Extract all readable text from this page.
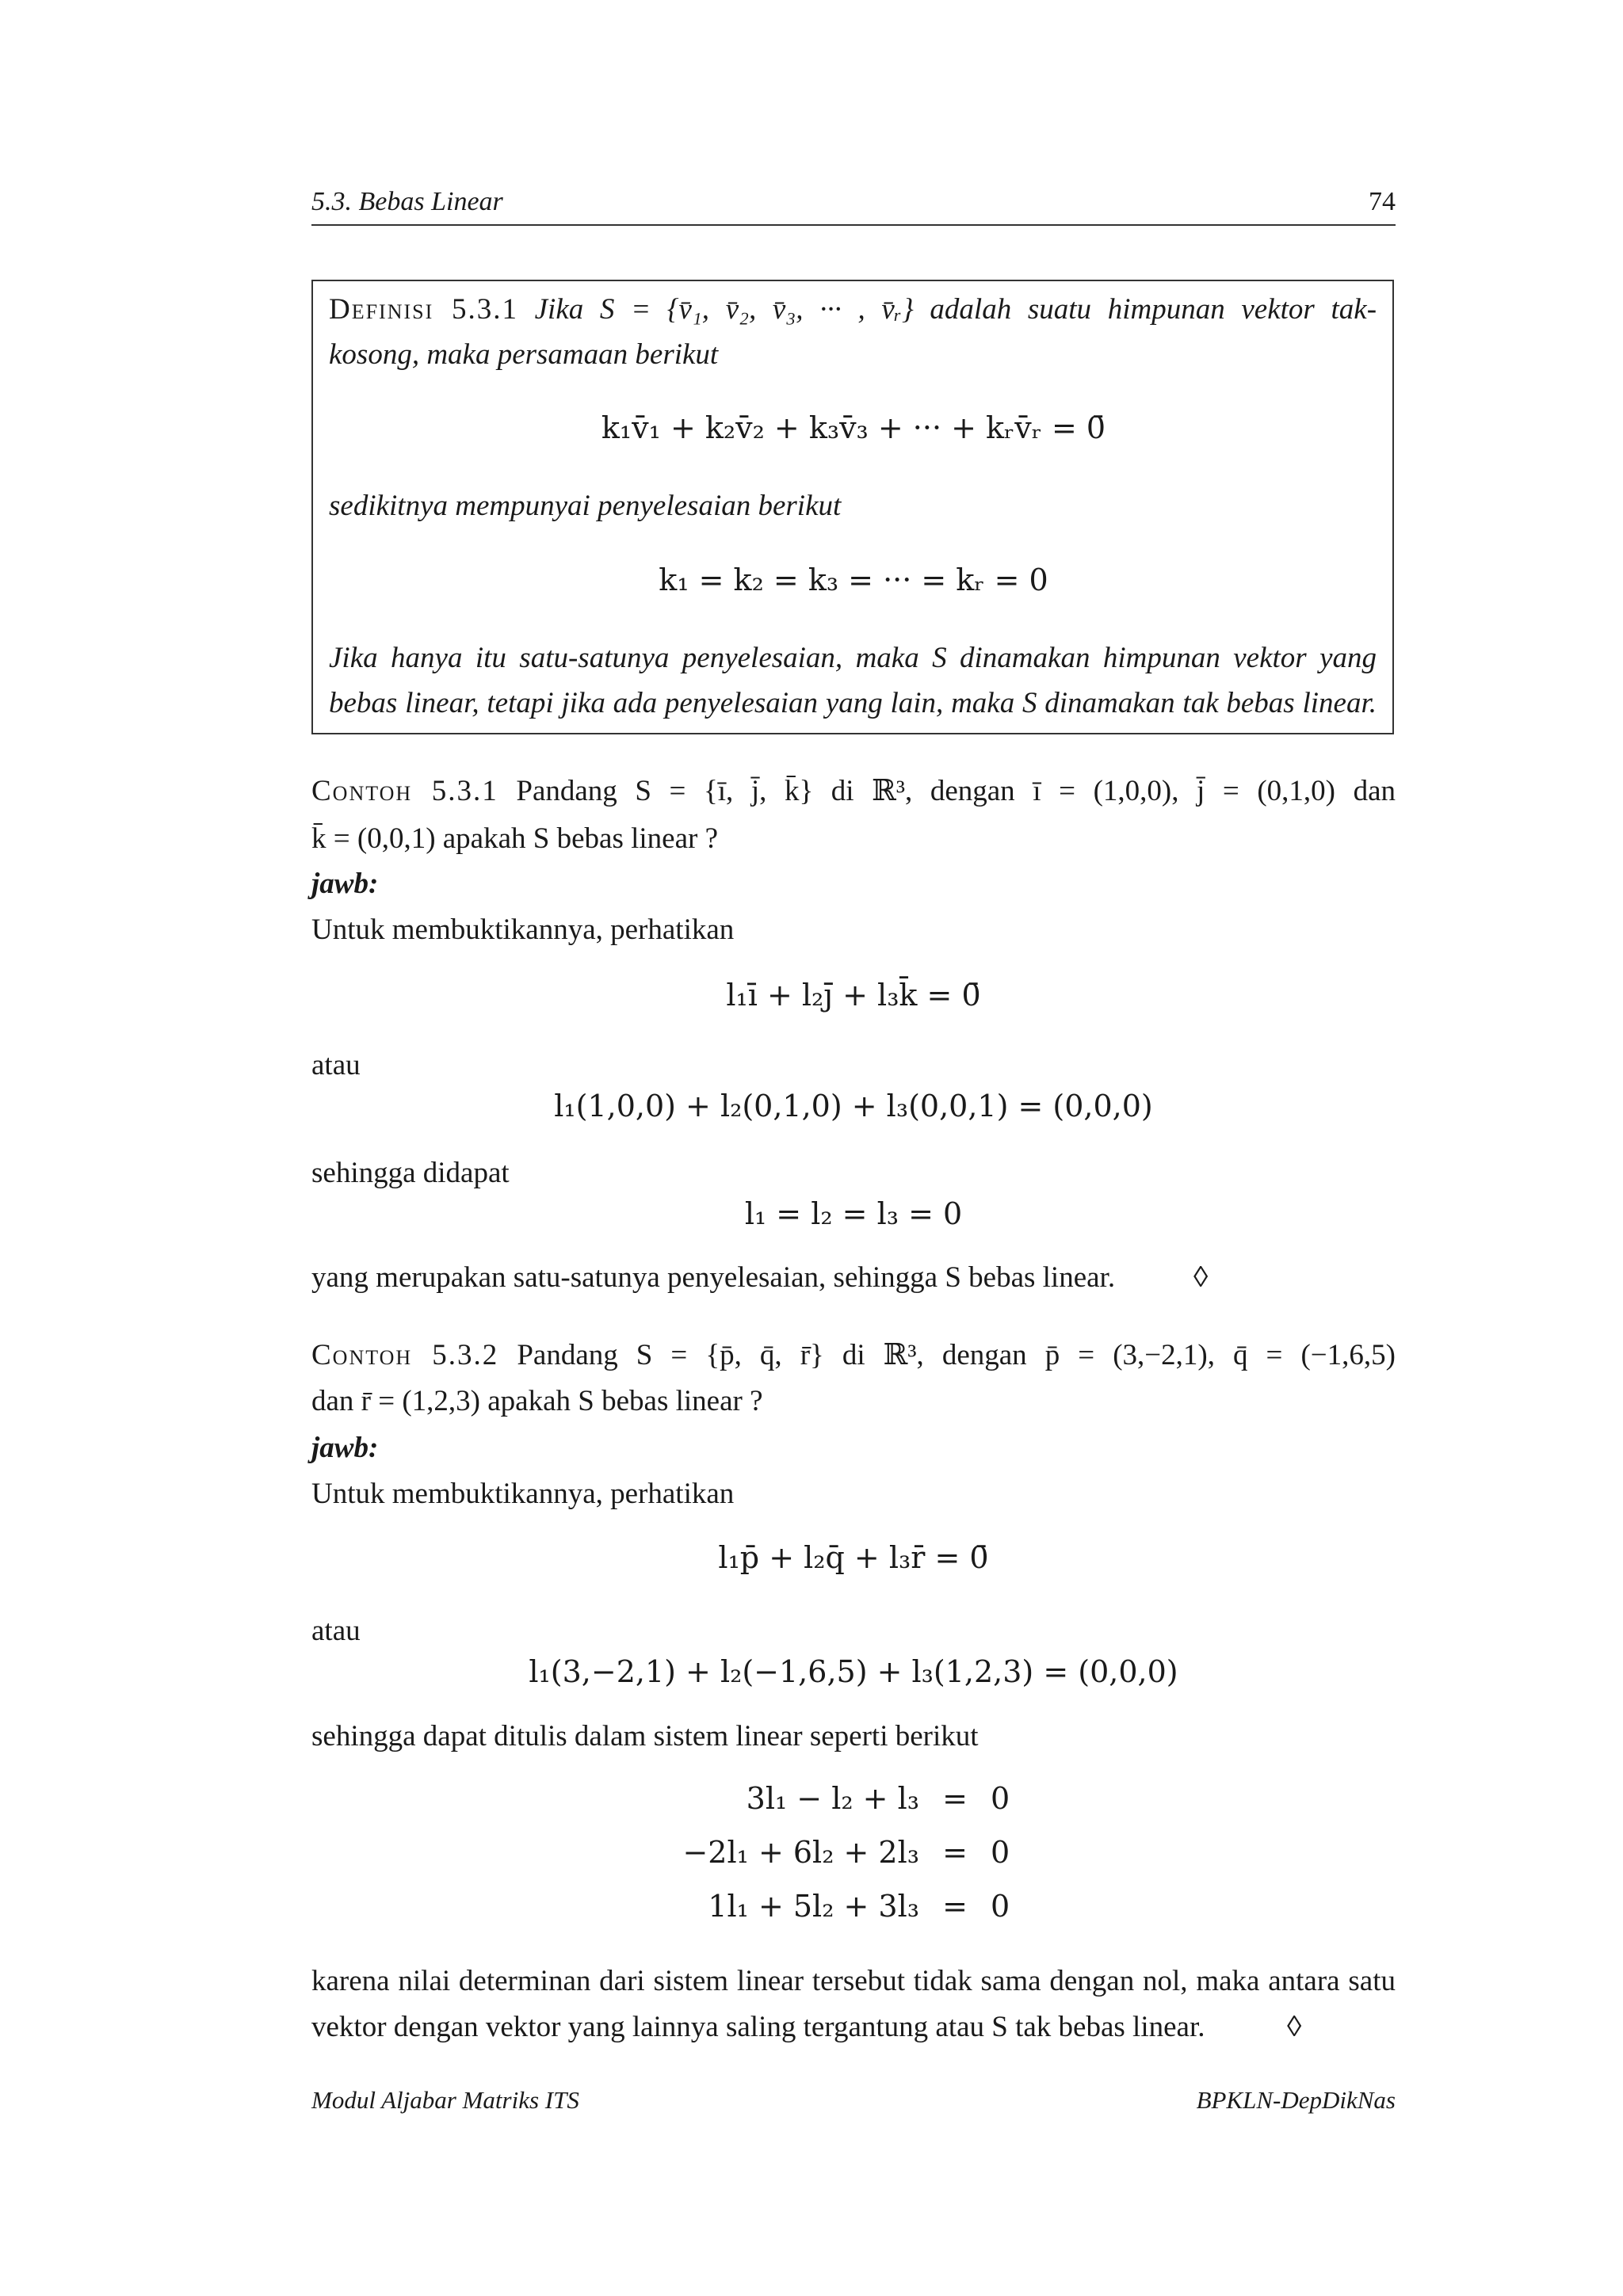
5.3. Bebas Linear	74
Definisi 5.3.1 Jika S = {v̄₁, v̄₂, v̄₃, ··· , v̄ᵣ} adalah suatu himpunan vektor tak-
kosong, maka persamaan berikut
k₁v̄₁ + k₂v̄₂ + k₃v̄₃ + ··· + kᵣv̄ᵣ = 0̄
sedikitnya mempunyai penyelesaian berikut
k₁ = k₂ = k₃ = ··· = kᵣ = 0
Jika hanya itu satu-satunya penyelesaian, maka S dinamakan himpunan vektor yang
bebas linear, tetapi jika ada penyelesaian yang lain, maka S dinamakan tak bebas linear.
Contoh 5.3.1 Pandang S = {ī, j̄, k̄} di ℝ³, dengan ī = (1,0,0), j̄ = (0,1,0) dan
k̄ = (0,0,1) apakah S bebas linear ?
jawb:
Untuk membuktikannya, perhatikan
l₁ī + l₂j̄ + l₃k̄ = 0̄
atau
l₁(1,0,0) + l₂(0,1,0) + l₃(0,0,1) = (0,0,0)
sehingga didapat
l₁ = l₂ = l₃ = 0
yang merupakan satu-satunya penyelesaian, sehingga S bebas linear.	◊
Contoh 5.3.2 Pandang S = {p̄, q̄, r̄} di ℝ³, dengan p̄ = (3,−2,1), q̄ = (−1,6,5)
dan r̄ = (1,2,3) apakah S bebas linear ?
jawb:
Untuk membuktikannya, perhatikan
l₁p̄ + l₂q̄ + l₃r̄ = 0̄
atau
l₁(3,−2,1) + l₂(−1,6,5) + l₃(1,2,3) = (0,0,0)
sehingga dapat ditulis dalam sistem linear seperti berikut
3l₁ − l₂ + l₃	=	0
−2l₁ + 6l₂ + 2l₃	=	0
1l₁ + 5l₂ + 3l₃	=	0
karena nilai determinan dari sistem linear tersebut tidak sama dengan nol, maka antara satu
vektor dengan vektor yang lainnya saling tergantung atau S tak bebas linear.	◊
Modul Aljabar Matriks ITS	BPKLN-DepDikNas
